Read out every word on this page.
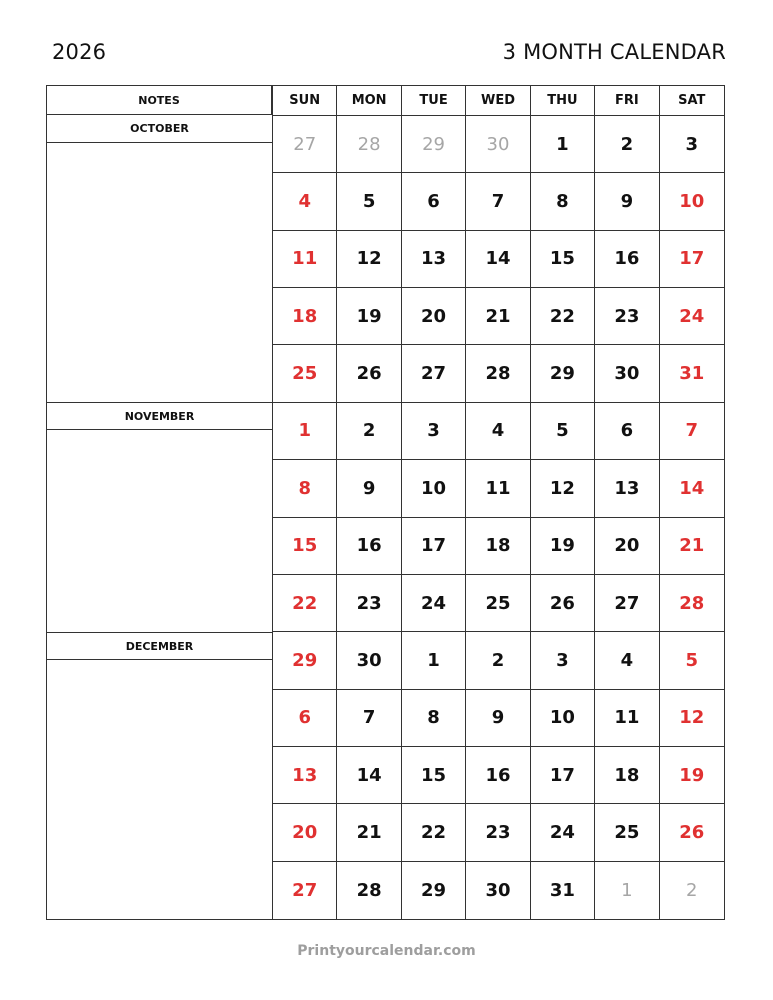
2026	3 MONTH CALENDAR
NOTES
OCTOBER
NOVEMBER
DECEMBER
SUN	MON	TUE	WED	THU	FRI	SAT
27	28	29	30	1	2	3
4	5	6	7	8	9	10
11	12	13	14	15	16	17
18	19	20	21	22	23	24
25	26	27	28	29	30	31
1	2	3	4	5	6	7
8	9	10	11	12	13	14
15	16	17	18	19	20	21
22	23	24	25	26	27	28
29	30	1	2	3	4	5
6	7	8	9	10	11	12
13	14	15	16	17	18	19
20	21	22	23	24	25	26
27	28	29	30	31	1	2
Printyourcalendar.com
